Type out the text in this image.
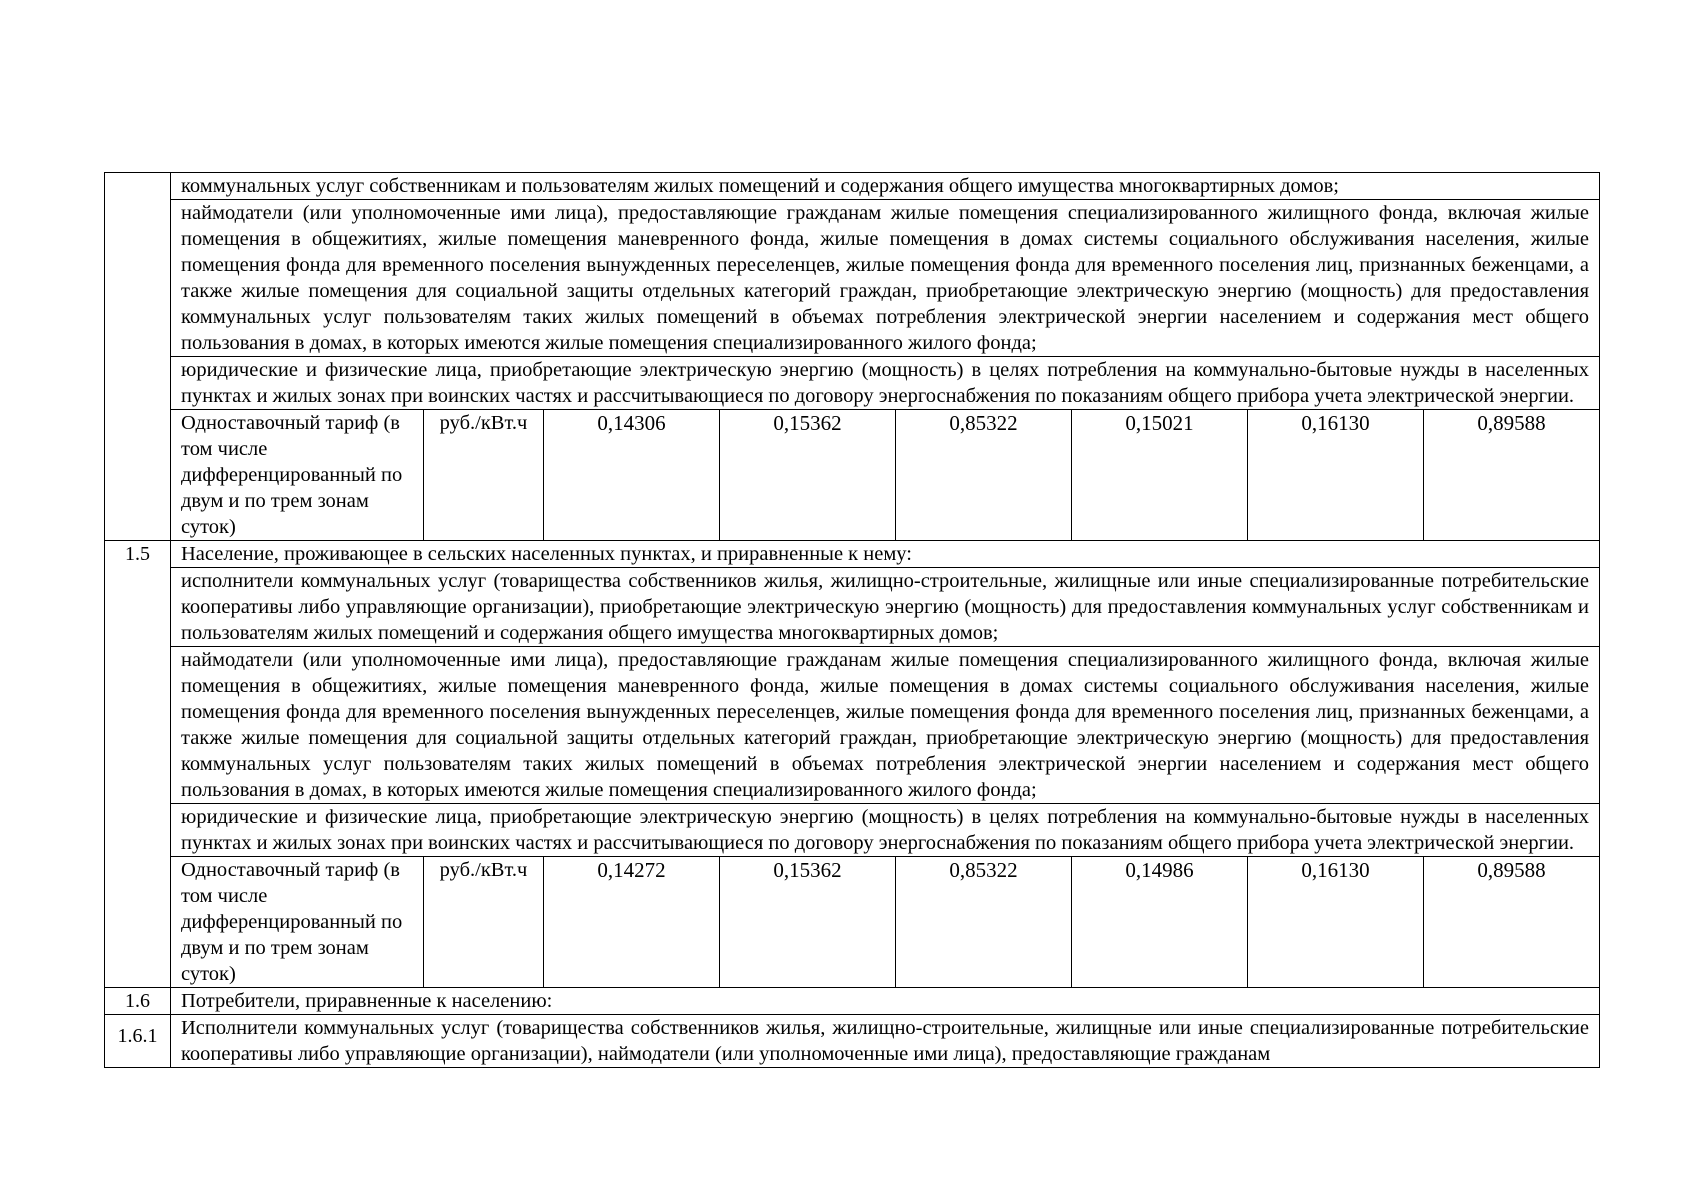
	коммунальных услуг собственникам и пользователям жилых помещений и содержания общего имущества многоквартирных домов;							
	наймодатели (или уполномоченные ими лица), предоставляющие гражданам жилые помещения специализированного жилищного фонда, включая жилые помещения в общежитиях, жилые помещения маневренного фонда, жилые помещения в домах системы социального обслуживания населения, жилые помещения фонда для временного поселения вынужденных переселенцев, жилые помещения фонда для временного поселения лиц, признанных беженцами, а также жилые помещения для социальной защиты отдельных категорий граждан, приобретающие электрическую энергию (мощность) для предоставления коммунальных услуг пользователям таких жилых помещений в объемах потребления электрической энергии населением и содержания мест общего пользования в домах, в которых имеются жилые помещения специализированного жилого фонда;							
	юридические и физические лица, приобретающие электрическую энергию (мощность) в целях потребления на коммунально-бытовые нужды в населенных пунктах и жилых зонах при воинских частях и рассчитывающиеся по договору энергоснабжения по показаниям общего прибора учета электрической энергии.							
	Одноставочный тариф (в том числе дифференцированный по двум и по трем зонам суток)	руб./кВт.ч	0,14306	0,15362	0,85322	0,15021	0,16130	0,89588
1.5	Население, проживающее в сельских населенных пунктах, и приравненные к нему:							
	исполнители коммунальных услуг (товарищества собственников жилья, жилищно-строительные, жилищные или иные специализированные потребительские кооперативы либо управляющие организации), приобретающие электрическую энергию (мощность) для предоставления коммунальных услуг собственникам и пользователям жилых помещений и содержания общего имущества многоквартирных домов;							
	наймодатели (или уполномоченные ими лица), предоставляющие гражданам жилые помещения специализированного жилищного фонда, включая жилые помещения в общежитиях, жилые помещения маневренного фонда, жилые помещения в домах системы социального обслуживания населения, жилые помещения фонда для временного поселения вынужденных переселенцев, жилые помещения фонда для временного поселения лиц, признанных беженцами, а также жилые помещения для социальной защиты отдельных категорий граждан, приобретающие электрическую энергию (мощность) для предоставления коммунальных услуг пользователям таких жилых помещений в объемах потребления электрической энергии населением и содержания мест общего пользования в домах, в которых имеются жилые помещения специализированного жилого фонда;							
	юридические и физические лица, приобретающие электрическую энергию (мощность) в целях потребления на коммунально-бытовые нужды в населенных пунктах и жилых зонах при воинских частях и рассчитывающиеся по договору энергоснабжения по показаниям общего прибора учета электрической энергии.							
	Одноставочный тариф (в том числе дифференцированный по двум и по трем зонам суток)	руб./кВт.ч	0,14272	0,15362	0,85322	0,14986	0,16130	0,89588
1.6	Потребители, приравненные к населению:							
1.6.1	Исполнители коммунальных услуг (товарищества собственников жилья, жилищно-строительные, жилищные или иные специализированные потребительские кооперативы либо управляющие организации), наймодатели (или уполномоченные ими лица), предоставляющие гражданам							
